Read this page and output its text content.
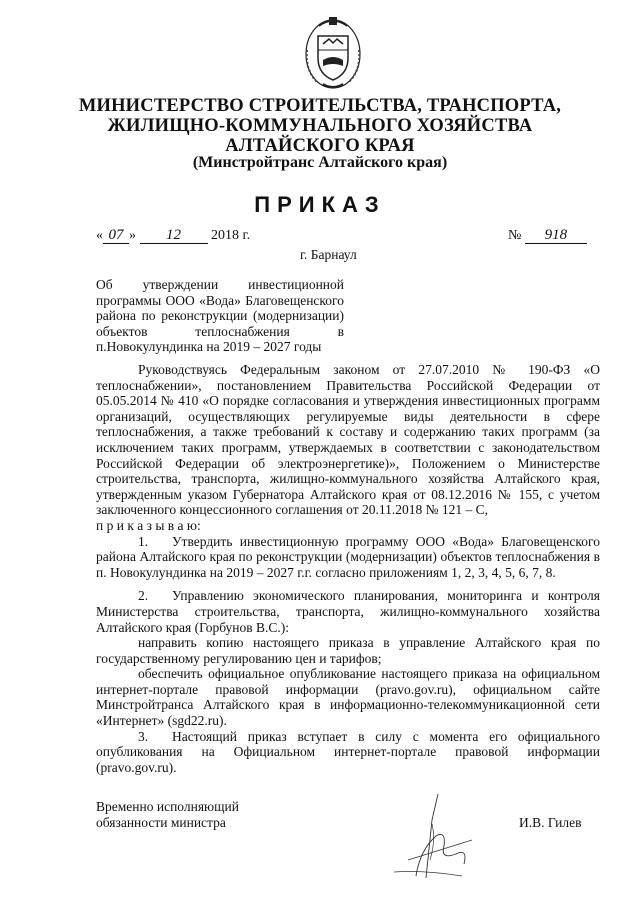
МИНИСТЕРСТВО СТРОИТЕЛЬСТВА, ТРАНСПОРТА,
ЖИЛИЩНО-КОММУНАЛЬНОГО ХОЗЯЙСТВА
АЛТАЙСКОГО КРАЯ
(Минстройтранс Алтайского края)
ПРИКАЗ
« 07 » 12 2018 г.	№ 918
г. Барнаул
Об утверждении инвестиционной программы ООО «Вода» Благовещенского района по реконструкции (модернизации) объектов теплоснабжения в п.Новокулундинка на 2019 – 2027 годы

Руководствуясь Федеральным законом от 27.07.2010 № 190-ФЗ «О теплоснабжении», постановлением Правительства Российской Федерации от 05.05.2014 № 410 «О порядке согласования и утверждения инвестиционных программ организаций, осуществляющих регулируемые виды деятельности в сфере теплоснабжения, а также требований к составу и содержанию таких программ (за исключением таких программ, утверждаемых в соответствии с законодательством Российской Федерации об электроэнергетике)», Положением о Министерстве строительства, транспорта, жилищно-коммунального хозяйства Алтайского края, утвержденным указом Губернатора Алтайского края от 08.12.2016 № 155, с учетом заключенного концессионного соглашения от 20.11.2018 № 121 – С,

п р и к а з ы в а ю:

1. Утвердить инвестиционную программу ООО «Вода» Благовещенского района Алтайского края по реконструкции (модернизации) объектов теплоснабжения в п. Новокулундинка на 2019 – 2027 г.г. согласно приложениям 1, 2, 3, 4, 5, 6, 7, 8.

2. Управлению экономического планирования, мониторинга и контроля Министерства строительства, транспорта, жилищно-коммунального хозяйства Алтайского края (Горбунов В.С.):

направить копию настоящего приказа в управление Алтайского края по государственному регулированию цен и тарифов;

обеспечить официальное опубликование настоящего приказа на официальном интернет-портале правовой информации (pravo.gov.ru), официальном сайте Минстройтранса Алтайского края в информационно-телекоммуникационной сети «Интернет» (sgd22.ru).

3. Настоящий приказ вступает в силу с момента его официального опубликования на Официальном интернет-портале правовой информации (pravo.gov.ru).

Временно исполняющий
обязанности министра	И.В. Гилев
